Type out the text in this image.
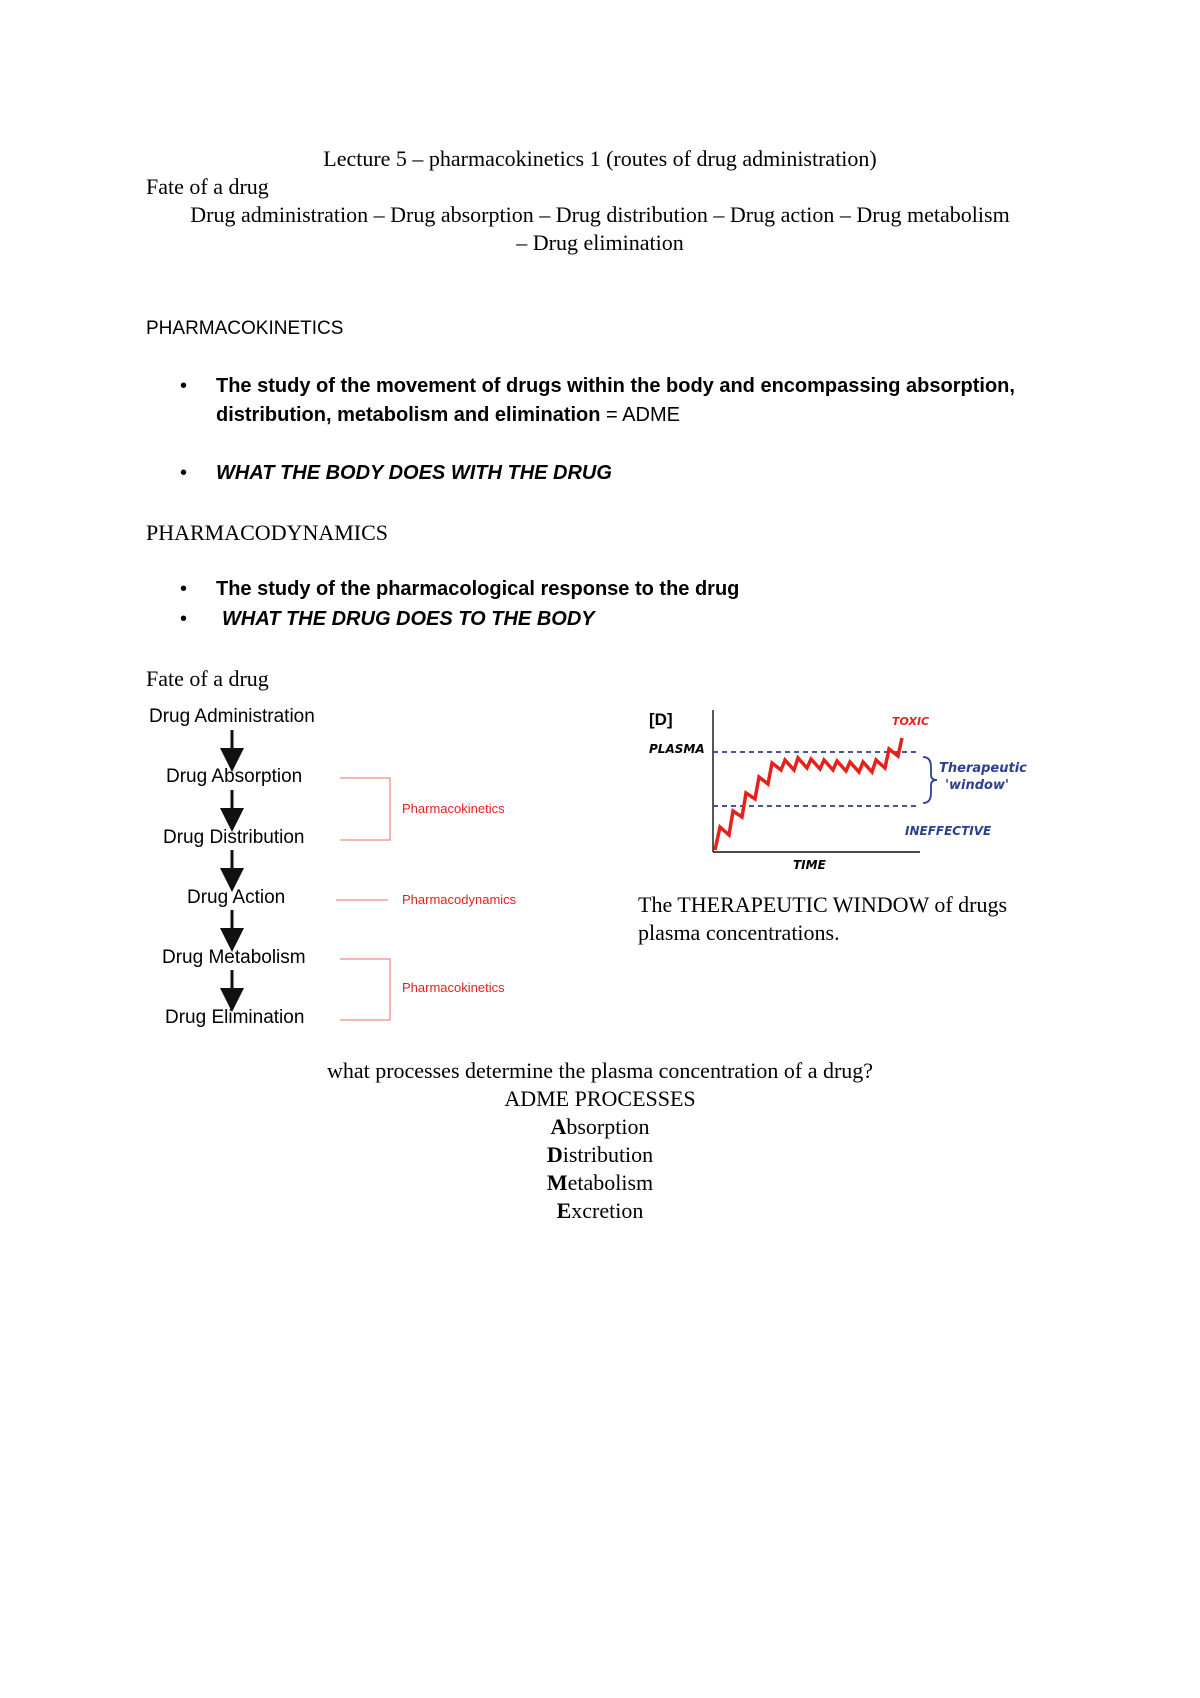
Lecture 5 – pharmacokinetics 1 (routes of drug administration)
Fate of a drug
Drug administration – Drug absorption – Drug distribution – Drug action – Drug metabolism
– Drug elimination
PHARMACOKINETICS
• The study of the movement of drugs within the body and encompassing absorption,
distribution, metabolism and elimination = ADME
• WHAT THE BODY DOES WITH THE DRUG
PHARMACODYNAMICS
• The study of the pharmacological response to the drug
• WHAT THE DRUG DOES TO THE BODY
Fate of a drug
Drug Administration
Drug Absorption
Drug Distribution
Drug Action
Drug Metabolism
Drug Elimination
Pharmacokinetics
Pharmacodynamics
Pharmacokinetics
[D]
PLASMA
TIME
TOXIC
Therapeutic
'window'
INEFFECTIVE
The THERAPEUTIC WINDOW of drugs
plasma concentrations.
what processes determine the plasma concentration of a drug?
ADME PROCESSES
Absorption
Distribution
Metabolism
Excretion
